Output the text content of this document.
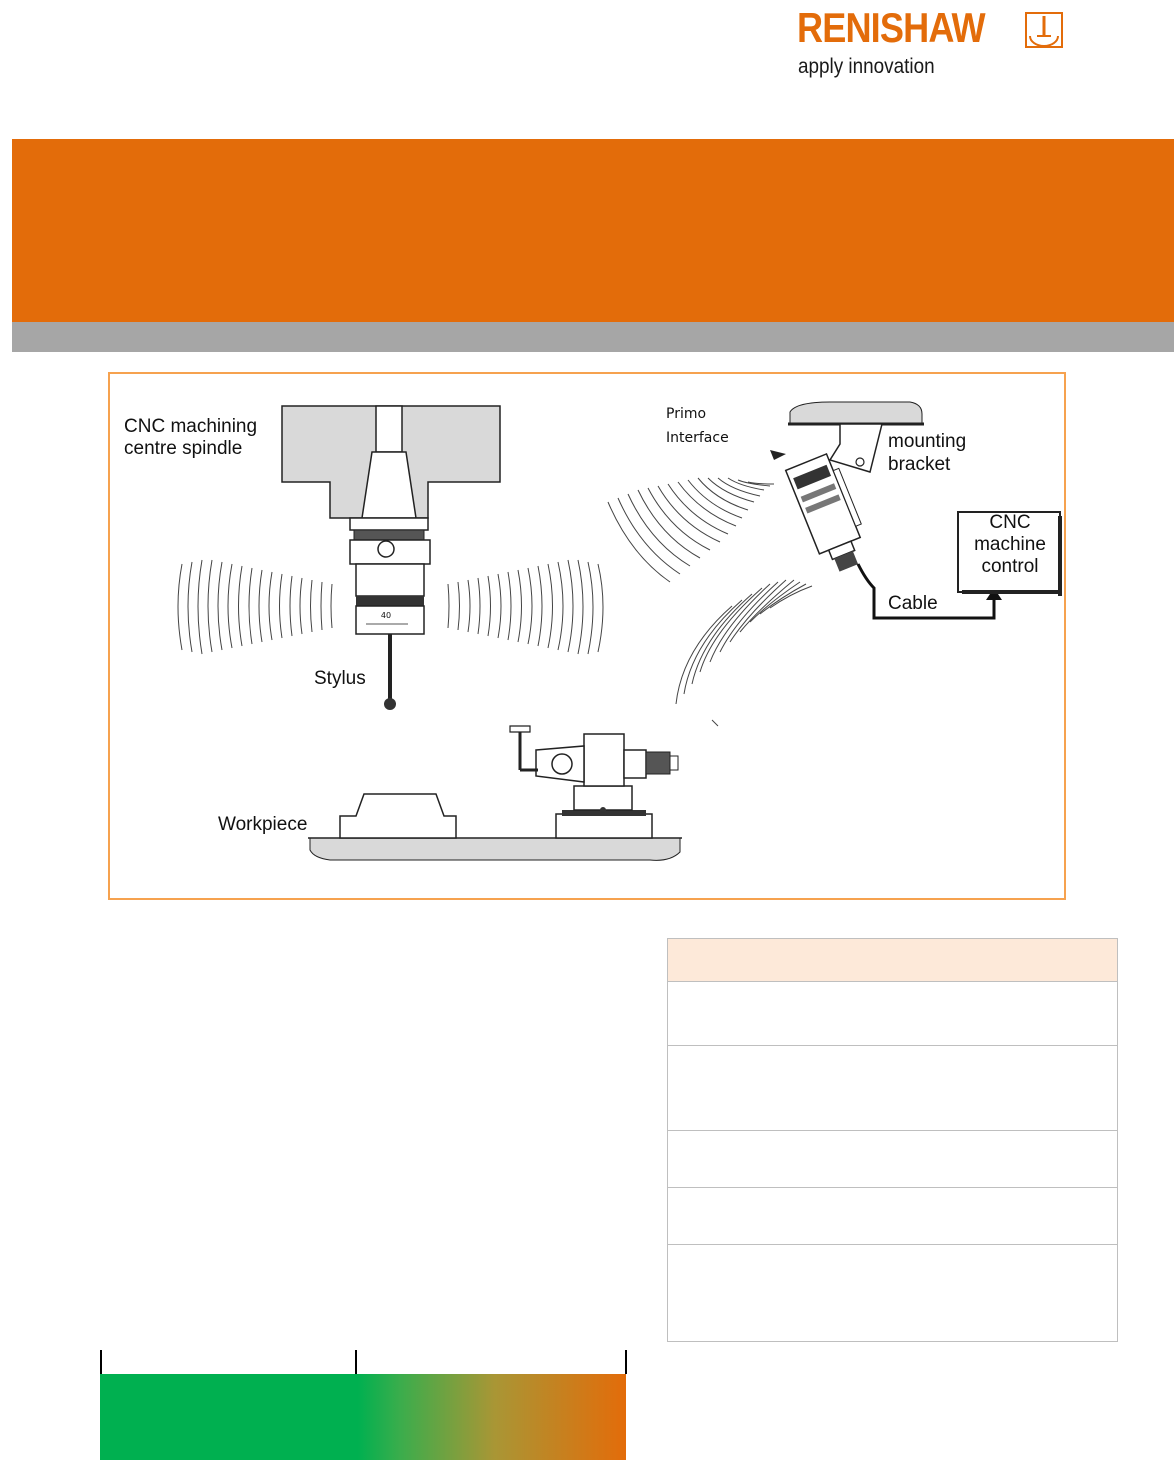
RENISHAW
apply innovation
40
CNC machining
centre spindle
Primo
Interface	mounting
bracket
CNC
machine
control
Cable
Stylus
Workpiece
